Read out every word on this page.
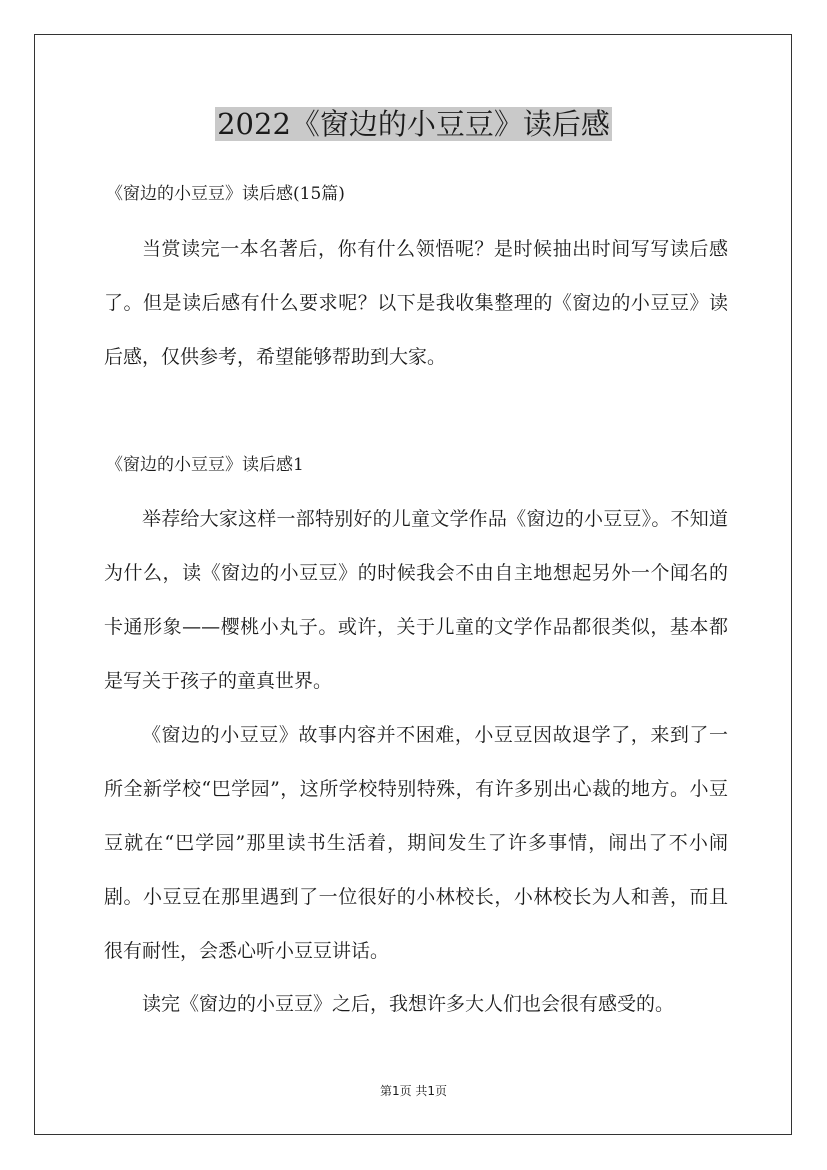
2022《窗边的小豆豆》读后感
《窗边的小豆豆》读后感(15篇)

当赏读完一本名著后，你有什么领悟呢？是时候抽出时间写写读后感了。但是读后感有什么要求呢？以下是我收集整理的《窗边的小豆豆》读后感，仅供参考，希望能够帮助到大家。

《窗边的小豆豆》读后感1

举荐给大家这样一部特别好的儿童文学作品《窗边的小豆豆》。不知道为什么，读《窗边的小豆豆》的时候我会不由自主地想起另外一个闻名的卡通形象——樱桃小丸子。或许，关于儿童的文学作品都很类似，基本都是写关于孩子的童真世界。

《窗边的小豆豆》故事内容并不困难，小豆豆因故退学了，来到了一所全新学校“巴学园”，这所学校特别特殊，有许多别出心裁的地方。小豆豆就在“巴学园”那里读书生活着，期间发生了许多事情，闹出了不小闹剧。小豆豆在那里遇到了一位很好的小林校长，小林校长为人和善，而且很有耐性，会悉心听小豆豆讲话。

读完《窗边的小豆豆》之后，我想许多大人们也会很有感受的。

第1页 共1页
